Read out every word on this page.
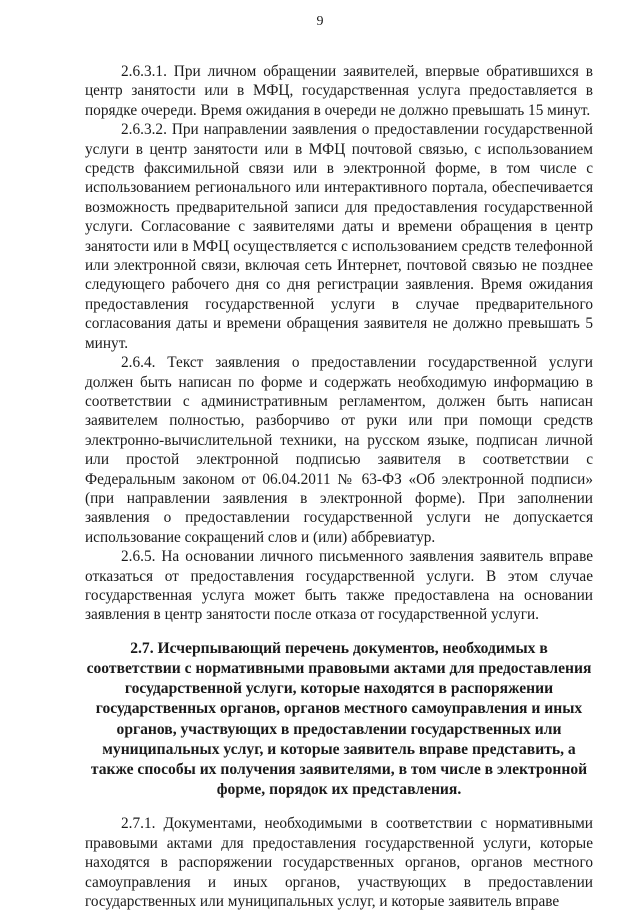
9

2.6.3.1. При личном обращении заявителей, впервые обратившихся в центр занятости или в МФЦ, государственная услуга предоставляется в порядке очереди. Время ожидания в очереди не должно превышать 15 минут.

2.6.3.2. При направлении заявления о предоставлении государственной услуги в центр занятости или в МФЦ почтовой связью, с использованием средств факсимильной связи или в электронной форме, в том числе с использованием регионального или интерактивного портала, обеспечивается возможность предварительной записи для предоставления государственной услуги. Согласование с заявителями даты и времени обращения в центр занятости или в МФЦ осуществляется с использованием средств телефонной или электронной связи, включая сеть Интернет, почтовой связью не позднее следующего рабочего дня со дня регистрации заявления. Время ожидания предоставления государственной услуги в случае предварительного согласования даты и времени обращения заявителя не должно превышать 5 минут.

2.6.4. Текст заявления о предоставлении государственной услуги должен быть написан по форме и содержать необходимую информацию в соответствии с административным регламентом, должен быть написан заявителем полностью, разборчиво от руки или при помощи средств электронно-вычислительной техники, на русском языке, подписан личной или простой электронной подписью заявителя в соответствии с Федеральным законом от 06.04.2011 № 63-ФЗ «Об электронной подписи» (при направлении заявления в электронной форме). При заполнении заявления о предоставлении государственной услуги не допускается использование сокращений слов и (или) аббревиатур.

2.6.5. На основании личного письменного заявления заявитель вправе отказаться от предоставления государственной услуги. В этом случае государственная услуга может быть также предоставлена на основании заявления в центр занятости после отказа от государственной услуги.

2.7. Исчерпывающий перечень документов, необходимых в соответствии с нормативными правовыми актами для предоставления государственной услуги, которые находятся в распоряжении государственных органов, органов местного самоуправления и иных органов, участвующих в предоставлении государственных или муниципальных услуг, и которые заявитель вправе представить, а также способы их получения заявителями, в том числе в электронной форме, порядок их представления.

2.7.1. Документами, необходимыми в соответствии с нормативными правовыми актами для предоставления государственной услуги, которые находятся в распоряжении государственных органов, органов местного самоуправления и иных органов, участвующих в предоставлении государственных или муниципальных услуг, и которые заявитель вправе
